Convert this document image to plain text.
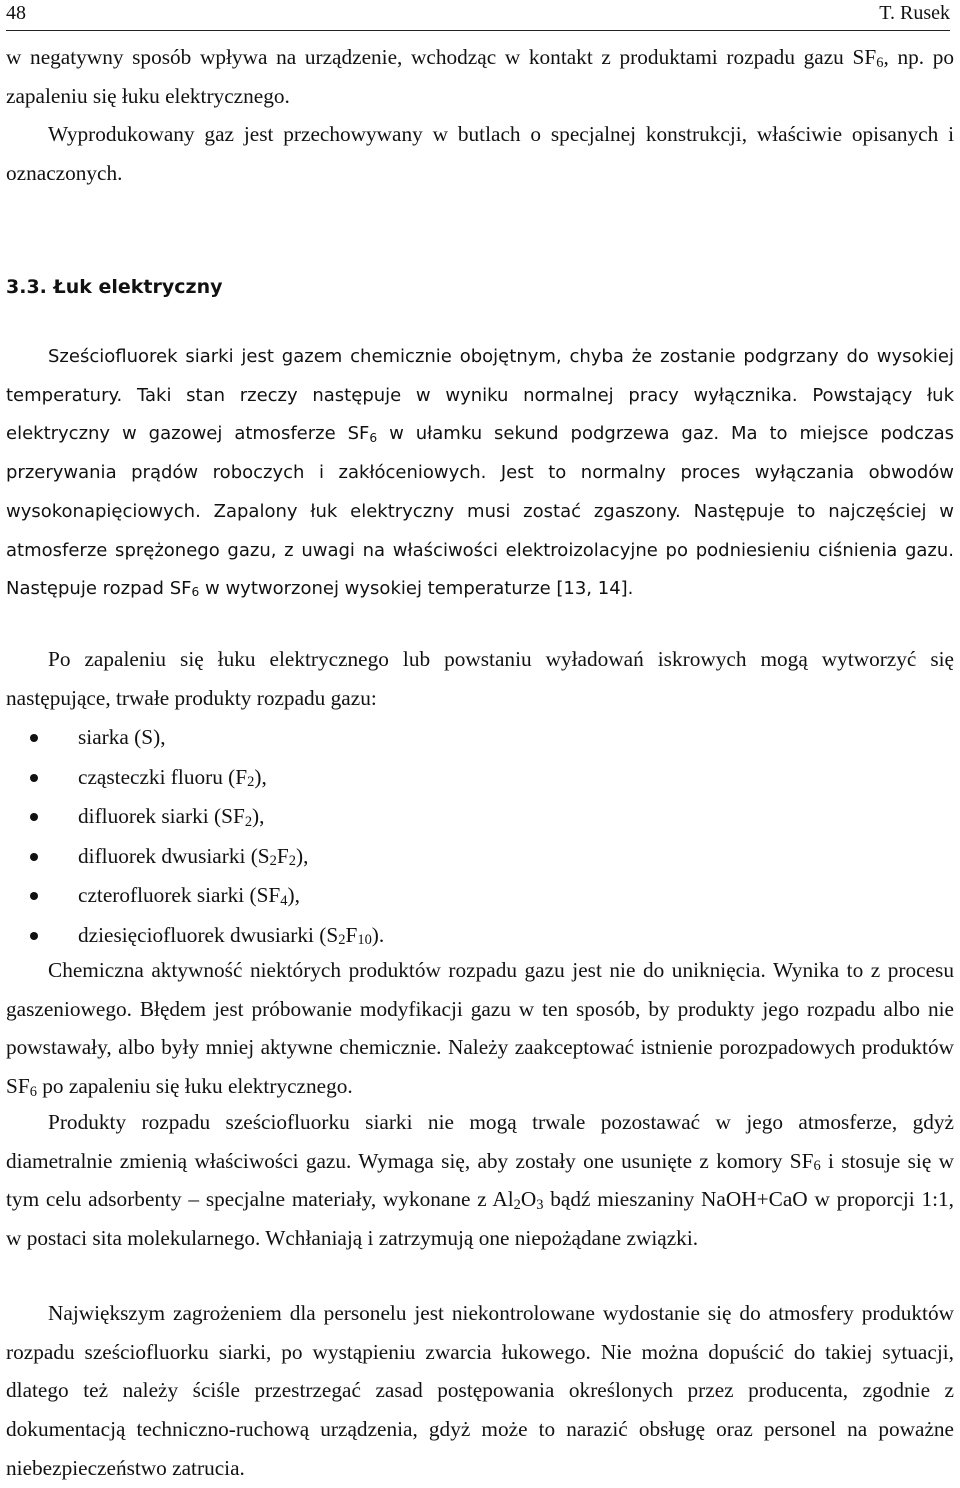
48	T. Rusek

w negatywny sposób wpływa na urządzenie, wchodząc w kontakt z produktami rozpadu gazu SF6, np. po zapaleniu się łuku elektrycznego.

Wyprodukowany gaz jest przechowywany w butlach o specjalnej konstrukcji, właściwie opisanych i oznaczonych.

3.3. Łuk elektryczny

Sześciofluorek siarki jest gazem chemicznie obojętnym, chyba że zostanie podgrzany do wysokiej temperatury. Taki stan rzeczy następuje w wyniku normalnej pracy wyłącznika. Powstający łuk elektryczny w gazowej atmosferze SF6 w ułamku sekund podgrzewa gaz. Ma to miejsce podczas przerywania prądów roboczych i zakłóceniowych. Jest to normalny proces wyłączania obwodów wysokonapięciowych. Zapalony łuk elektryczny musi zostać zgaszony. Następuje to najczęściej w atmosferze sprężonego gazu, z uwagi na właściwości elektroizolacyjne po podniesieniu ciśnienia gazu. Następuje rozpad SF6 w wytworzonej wysokiej temperaturze [13, 14].

Po zapaleniu się łuku elektrycznego lub powstaniu wyładowań iskrowych mogą wytworzyć się następujące, trwałe produkty rozpadu gazu:

siarka (S),
cząsteczki fluoru (F2),
difluorek siarki (SF2),
difluorek dwusiarki (S2F2),
czterofluorek siarki (SF4),
dziesięciofluorek dwusiarki (S2F10).

Chemiczna aktywność niektórych produktów rozpadu gazu jest nie do uniknięcia. Wynika to z procesu gaszeniowego. Błędem jest próbowanie modyfikacji gazu w ten sposób, by produkty jego rozpadu albo nie powstawały, albo były mniej aktywne chemicznie. Należy zaakceptować istnienie porozpadowych produktów SF6 po zapaleniu się łuku elektrycznego.

Produkty rozpadu sześciofluorku siarki nie mogą trwale pozostawać w jego atmosferze, gdyż diametralnie zmienią właściwości gazu. Wymaga się, aby zostały one usunięte z komory SF6 i stosuje się w tym celu adsorbenty – specjalne materiały, wykonane z Al2O3 bądź mieszaniny NaOH+CaO w proporcji 1:1, w postaci sita molekularnego. Wchłaniają i zatrzymują one niepożądane związki.

Największym zagrożeniem dla personelu jest niekontrolowane wydostanie się do atmosfery produktów rozpadu sześciofluorku siarki, po wystąpieniu zwarcia łukowego. Nie można dopuścić do takiej sytuacji, dlatego też należy ściśle przestrzegać zasad postępowania określonych przez producenta, zgodnie z dokumentacją techniczno-ruchową urządzenia, gdyż może to narazić obsługę oraz personel na poważne niebezpieczeństwo zatrucia.
